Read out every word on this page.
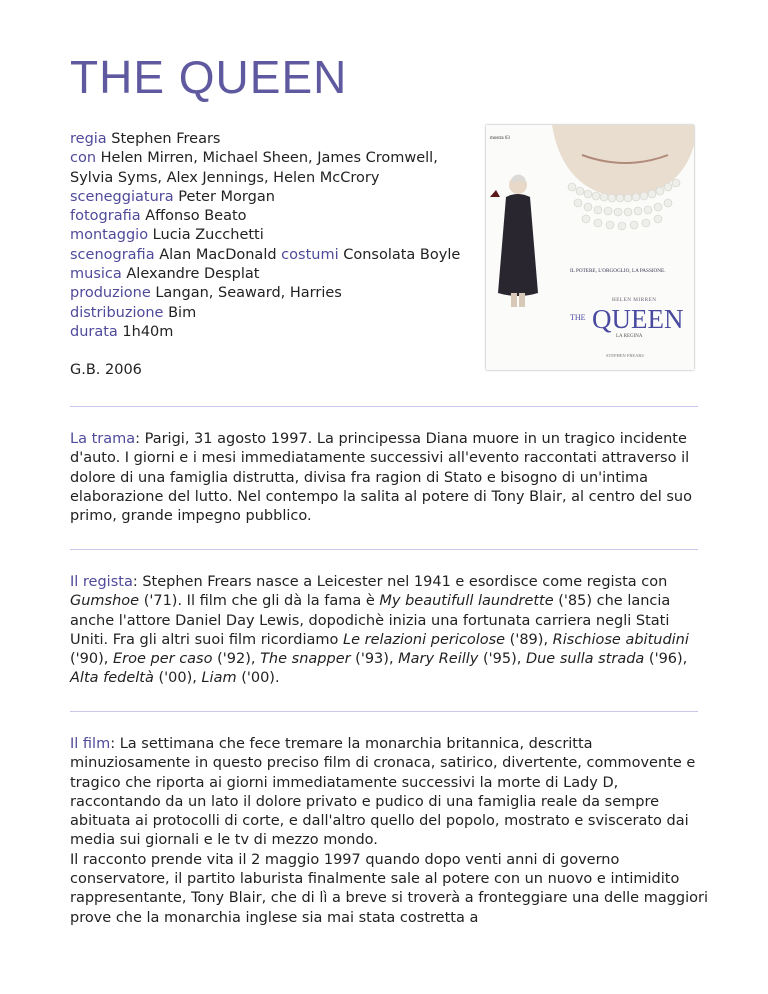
THE QUEEN
regia Stephen Frears
con Helen Mirren, Michael Sheen, James Cromwell,
Sylvia Syms, Alex Jennings, Helen McCrory
sceneggiatura Peter Morgan
fotografia Affonso Beato
montaggio Lucia Zucchetti
scenografia Alan MacDonald costumi Consolata Boyle
musica Alexandre Desplat
produzione Langan, Seaward, Harries
distribuzione Bim
durata 1h40m
G.B. 2006
mostra 63
IL POTERE, L'ORGOGLIO, LA PASSIONE.
HELEN MIRREN
THE QUEEN
LA REGINA
STEPHEN FREARS

La trama: Parigi, 31 agosto 1997. La principessa Diana muore in un tragico incidente d'auto. I giorni e i mesi immediatamente successivi all'evento raccontati attraverso il dolore di una famiglia distrutta, divisa fra ragion di Stato e bisogno di un'intima elaborazione del lutto. Nel contempo la salita al potere di Tony Blair, al centro del suo primo, grande impegno pubblico.

Il regista: Stephen Frears nasce a Leicester nel 1941 e esordisce come regista con Gumshoe ('71). Il film che gli dà la fama è My beautifull laundrette ('85) che lancia anche l'attore Daniel Day Lewis, dopodichè inizia una fortunata carriera negli Stati Uniti. Fra gli altri suoi film ricordiamo Le relazioni pericolose ('89), Rischiose abitudini ('90), Eroe per caso ('92), The snapper ('93), Mary Reilly ('95), Due sulla strada ('96), Alta fedeltà ('00), Liam ('00).

Il film: La settimana che fece tremare la monarchia britannica, descritta minuziosamente in questo preciso film di cronaca, satirico, divertente, commovente e tragico che riporta ai giorni immediatamente successivi la morte di Lady D, raccontando da un lato il dolore privato e pudico di una famiglia reale da sempre abituata ai protocolli di corte, e dall'altro quello del popolo, mostrato e sviscerato dai media sui giornali e le tv di mezzo mondo.
Il racconto prende vita il 2 maggio 1997 quando dopo venti anni di governo conservatore, il partito laburista finalmente sale al potere con un nuovo e intimidito rappresentante, Tony Blair, che di lì a breve si troverà a fronteggiare una delle maggiori prove che la monarchia inglese sia mai stata costretta a
